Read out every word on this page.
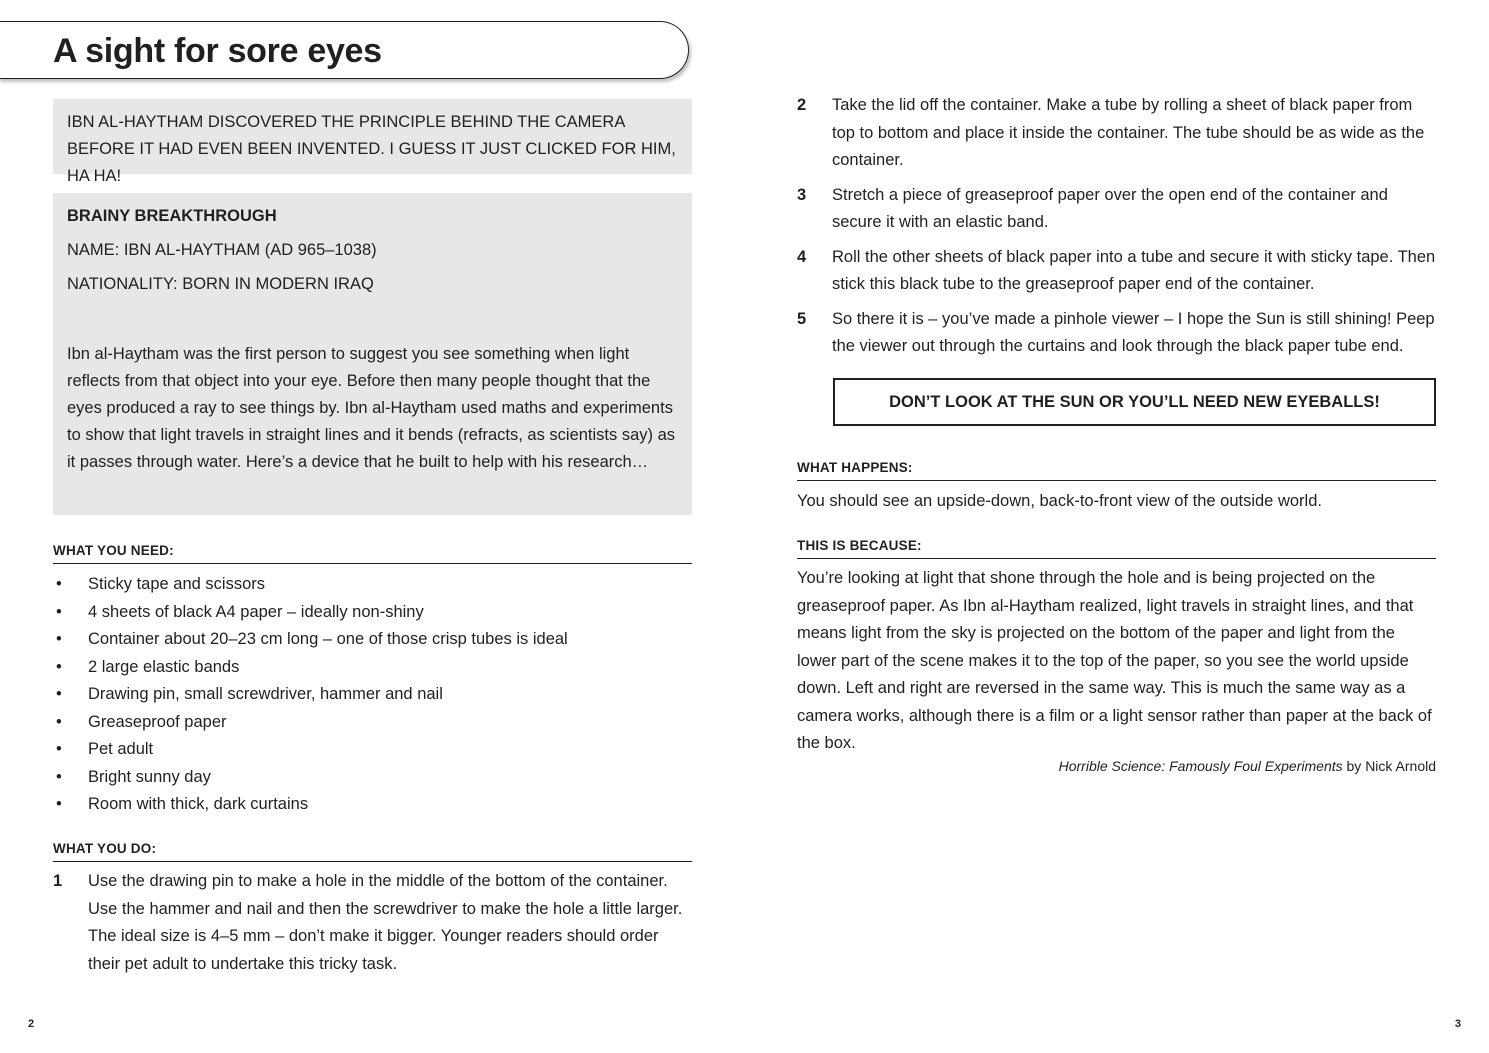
A sight for sore eyes
IBN AL-HAYTHAM DISCOVERED THE PRINCIPLE BEHIND THE CAMERA BEFORE IT HAD EVEN BEEN INVENTED. I GUESS IT JUST CLICKED FOR HIM, HA HA!

BRAINY BREAKTHROUGH

NAME: IBN AL-HAYTHAM (AD 965–1038)

NATIONALITY: BORN IN MODERN IRAQ

Ibn al-Haytham was the first person to suggest you see something when light reflects from that object into your eye. Before then many people thought that the eyes produced a ray to see things by. Ibn al-Haytham used maths and experiments to show that light travels in straight lines and it bends (refracts, as scientists say) as it passes through water. Here’s a device that he built to help with his research…

WHAT YOU NEED:
• Sticky tape and scissors
• 4 sheets of black A4 paper – ideally non-shiny
• Container about 20–23 cm long – one of those crisp tubes is ideal
• 2 large elastic bands
• Drawing pin, small screwdriver, hammer and nail
• Greaseproof paper
• Pet adult
• Bright sunny day
• Room with thick, dark curtains
WHAT YOU DO:
1 Use the drawing pin to make a hole in the middle of the bottom of the container. Use the hammer and nail and then the screwdriver to make the hole a little larger. The ideal size is 4–5 mm – don’t make it bigger. Younger readers should order their pet adult to undertake this tricky task.
2
2 Take the lid off the container. Make a tube by rolling a sheet of black paper from top to bottom and place it inside the container. The tube should be as wide as the container.
3 Stretch a piece of greaseproof paper over the open end of the container and secure it with an elastic band.
4 Roll the other sheets of black paper into a tube and secure it with sticky tape. Then stick this black tube to the greaseproof paper end of the container.
5 So there it is – you’ve made a pinhole viewer – I hope the Sun is still shining! Peep the viewer out through the curtains and look through the black paper tube end.
DON’T LOOK AT THE SUN OR YOU’LL NEED NEW EYEBALLS!
WHAT HAPPENS:

You should see an upside-down, back-to-front view of the outside world.

THIS IS BECAUSE:

You’re looking at light that shone through the hole and is being projected on the greaseproof paper. As Ibn al-Haytham realized, light travels in straight lines, and that means light from the sky is projected on the bottom of the paper and light from the lower part of the scene makes it to the top of the paper, so you see the world upside down. Left and right are reversed in the same way. This is much the same way as a camera works, although there is a film or a light sensor rather than paper at the back of the box.

Horrible Science: Famously Foul Experiments by Nick Arnold
3
